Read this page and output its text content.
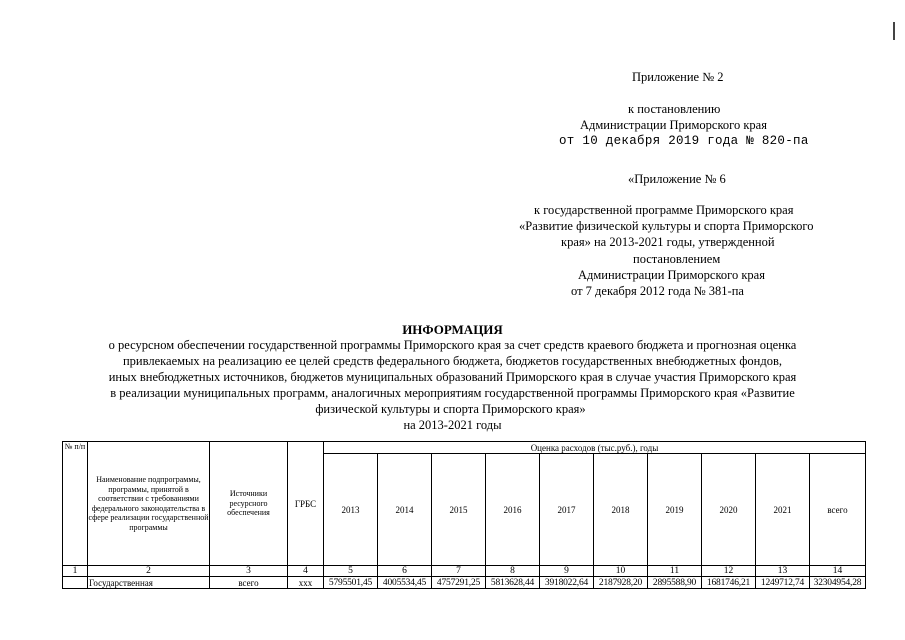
Приложение № 2
к постановлению
Администрации Приморского края
от 10 декабря 2019 года № 820-па
«Приложение № 6
к государственной программе Приморского края
«Развитие физической культуры и спорта Приморского
края» на 2013-2021 годы, утвержденной
постановлением
Администрации Приморского края
от 7 декабря 2012 года № 381-па
ИНФОРМАЦИЯ
о ресурсном обеспечении государственной программы Приморского края за счет средств краевого бюджета и прогнозная оценка
привлекаемых на реализацию ее целей средств федерального бюджета, бюджетов государственных внебюджетных фондов,
иных внебюджетных источников, бюджетов муниципальных образований Приморского края в случае участия Приморского края
в реализации муниципальных программ, аналогичных мероприятиям государственной программы Приморского края «Развитие
физической культуры и спорта Приморского края»
на 2013-2021 годы
№ п/п	Наименование подпрограммы, программы, принятой в соответствии с требованиями федерального законодательства в сфере реализации государственной программы	Источники ресурсного обеспечения	ГРБС	Оценка расходов (тыс.руб.), годы									
				2013	2014	2015	2016	2017	2018	2019	2020	2021	всего
1	2	3	4	5	6	7	8	9	10	11	12	13	14
	Государственная	всего	ххх	5795501,45	4005534,45	4757291,25	5813628,44	3918022,64	2187928,20	2895588,90	1681746,21	1249712,74	32304954,28
